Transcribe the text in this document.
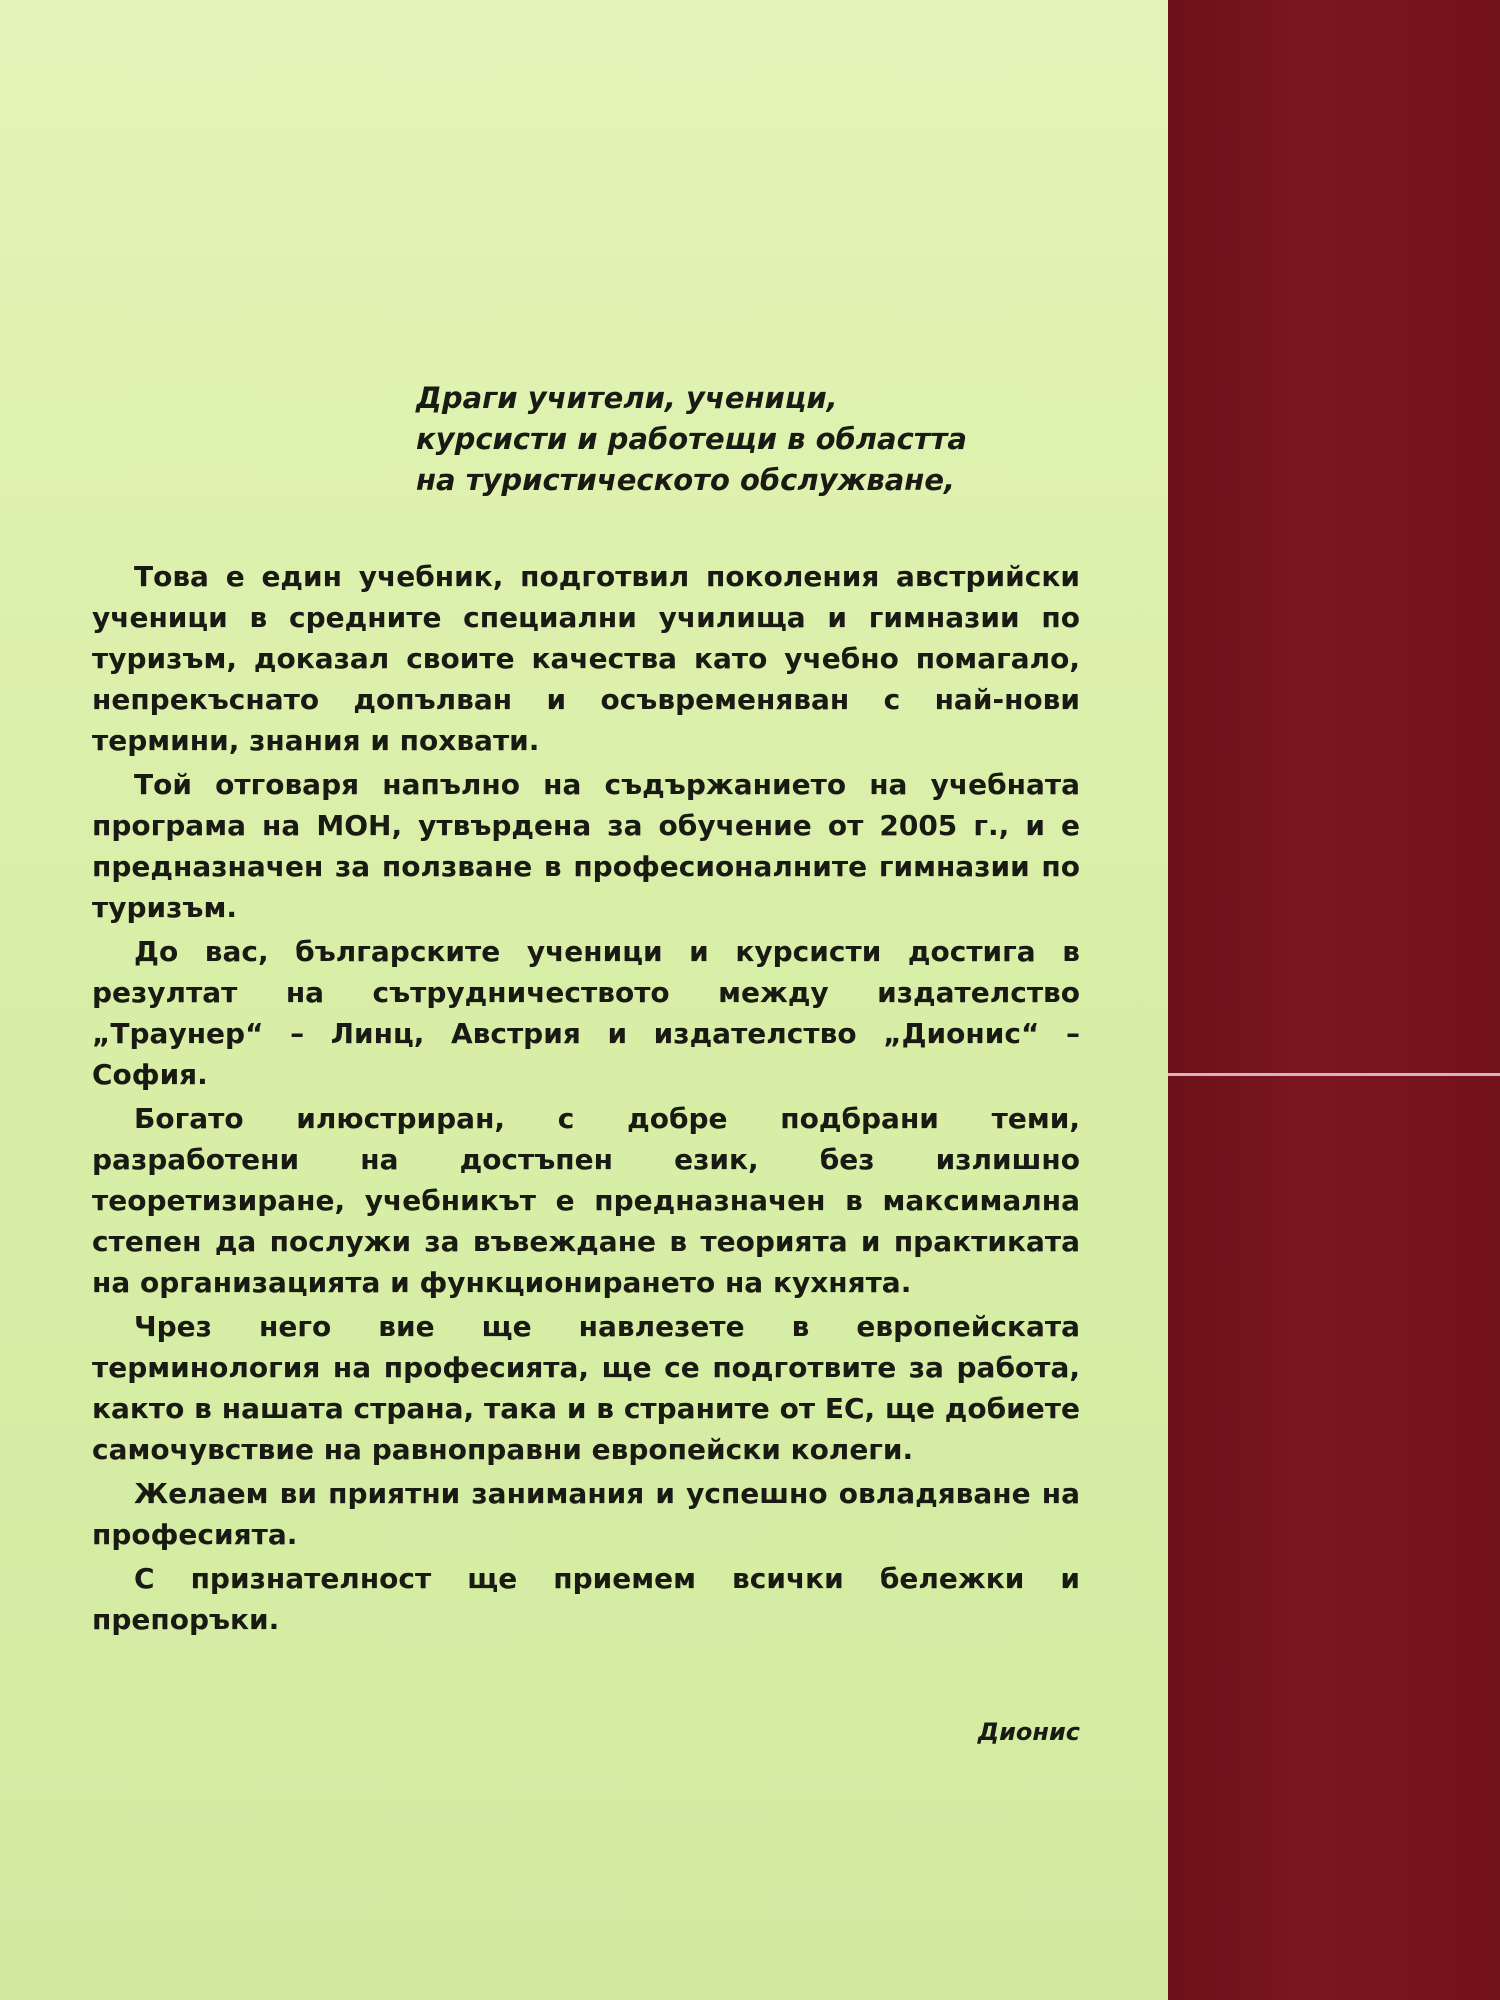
Драги учители, ученици,
курсисти и работещи в областта
на туристическото обслужване,

Това е един учебник, подготвил поколения австрийски ученици в средните специални училища и гимназии по туризъм, доказал своите качества като учебно помагало, непрекъснато допълван и осъвременяван с най-нови термини, знания и похвати.

Той отговаря напълно на съдържанието на учебната програма на МОН, утвърдена за обучение от 2005 г., и е предназначен за ползване в професионалните гимназии по туризъм.

До вас, българските ученици и курсисти достига в резултат на сътрудничеството между издателство „Траунер“ – Линц, Австрия и издателство „Дионис“ – София.

Богато илюстриран, с добре подбрани теми, разработени на достъпен език, без излишно теоретизиране, учебникът е предназначен в максимална степен да послужи за въвеждане в теорията и практиката на организацията и функционирането на кухнята.

Чрез него вие ще навлезете в европейската терминология на професията, ще се подготвите за работа, както в нашата страна, така и в страните от ЕС, ще добиете самочувствие на равноправни европейски колеги.

Желаем ви приятни занимания и успешно овладяване на професията.

С признателност ще приемем всички бележки и препоръки.

Дионис
